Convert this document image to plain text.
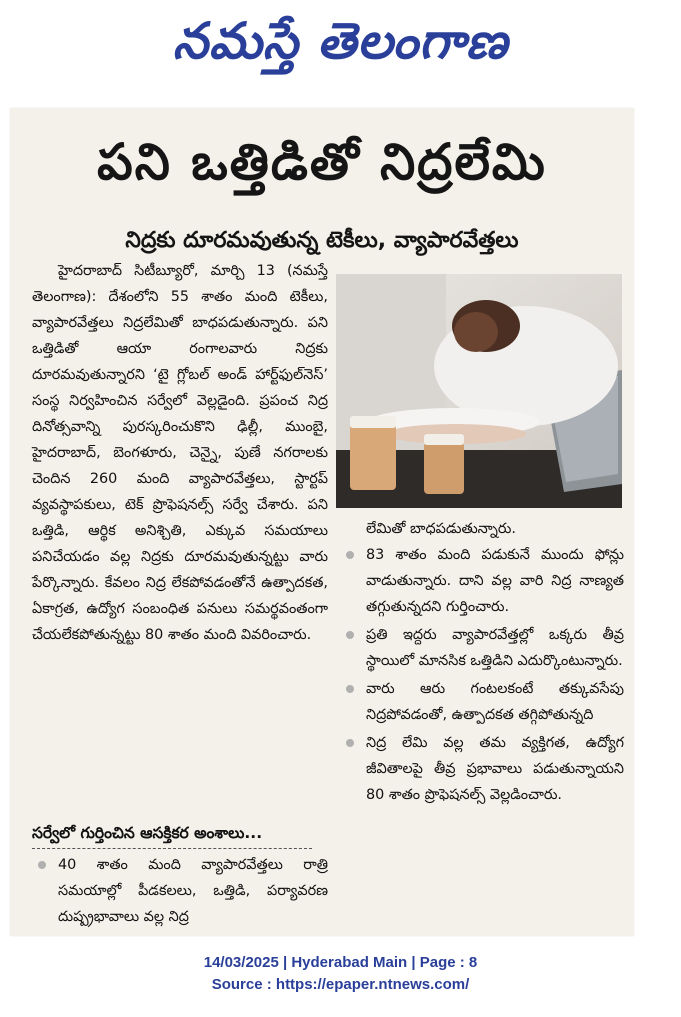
నమస్తే తెలంగాణ
పని ఒత్తిడితో నిద్రలేమి
నిద్రకు దూరమవుతున్న టెకీలు, వ్యాపారవేత్తలు

హైదరాబాద్ సిటీబ్యూరో, మార్చి 13 (నమస్తే తెలంగాణ): దేశంలోని 55 శాతం మంది టెకీలు, వ్యాపారవేత్తలు నిద్రలేమితో బాధపడుతున్నారు. పని ఒత్తిడితో ఆయా రంగాలవారు నిద్రకు దూరమవుతున్నారని ‘టై గ్లోబల్ అండ్ హార్ట్‌ఫుల్‌నెస్’ సంస్థ నిర్వహించిన సర్వేలో వెల్లడైంది. ప్రపంచ నిద్ర దినోత్సవాన్ని పురస్కరించుకొని ఢిల్లీ, ముంబై, హైదరాబాద్, బెంగళూరు, చెన్నై, పుణే నగరాలకు చెందిన 260 మంది వ్యాపారవేత్తలు, స్టార్టప్ వ్యవస్థాపకులు, టెక్ ప్రొఫెషనల్స్ సర్వే చేశారు. పని ఒత్తిడి, ఆర్థిక అనిశ్చితి, ఎక్కువ సమయాలు పనిచేయడం వల్ల నిద్రకు దూరమవుతున్నట్టు వారు పేర్కొన్నారు. కేవలం నిద్ర లేకపోవడంతోనే ఉత్పాదకత, ఏకాగ్రత, ఉద్యోగ సంబంధిత పనులు సమర్థవంతంగా చేయలేకపోతున్నట్టు 80 శాతం మంది వివరించారు.

సర్వేలో గుర్తించిన ఆసక్తికర అంశాలు...
40 శాతం మంది వ్యాపారవేత్తలు రాత్రి సమయాల్లో పీడకలలు, ఒత్తిడి, పర్యావరణ దుష్ప్రభావాలు వల్ల నిద్ర
లేమితో బాధపడుతున్నారు.
83 శాతం మంది పడుకునే ముందు ఫోన్లు వాడుతున్నారు. దాని వల్ల వారి నిద్ర నాణ్యత తగ్గుతున్నదని గుర్తించారు.
ప్రతి ఇద్దరు వ్యాపారవేత్తల్లో ఒక్కరు తీవ్ర స్థాయిలో మానసిక ఒత్తిడిని ఎదుర్కొంటున్నారు.
వారు ఆరు గంటలకంటే తక్కువసేపు నిద్రపోవడంతో, ఉత్పాదకత తగ్గిపోతున్నది
నిద్ర లేమి వల్ల తమ వ్యక్తిగత, ఉద్యోగ జీవితాలపై తీవ్ర ప్రభావాలు పడుతున్నాయని 80 శాతం ప్రొఫెషనల్స్ వెల్లడించారు.
14/03/2025 | Hyderabad Main | Page : 8
Source : https://epaper.ntnews.com/
